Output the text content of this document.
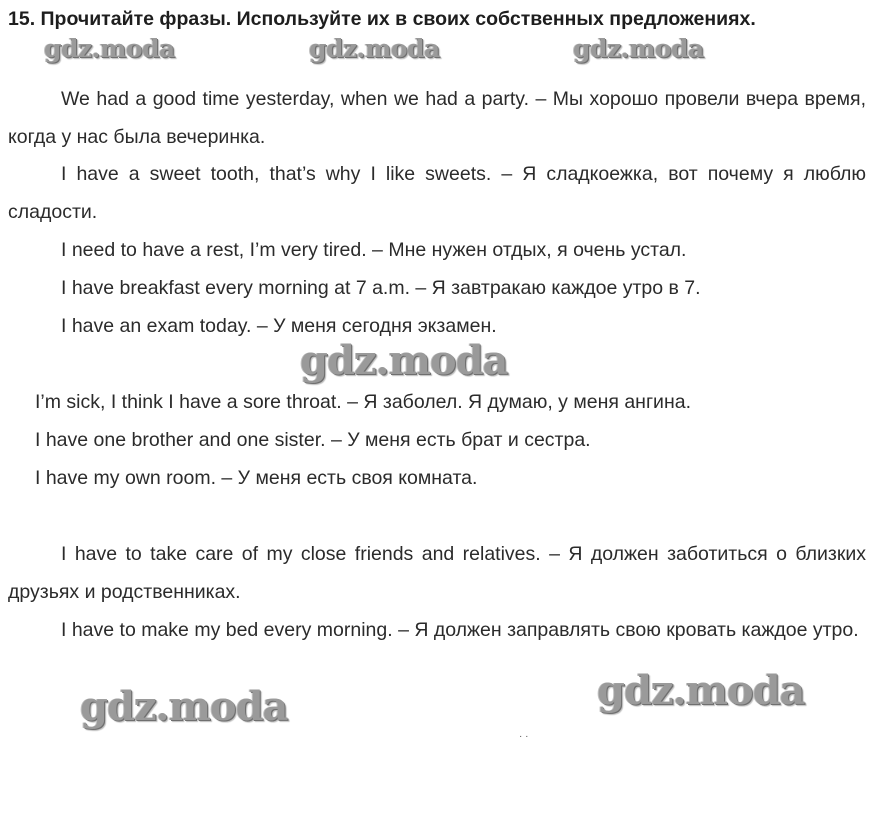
15. Прочитайте фразы. Используйте их в своих собственных предложениях.
gdz.moda	gdz.moda	gdz.moda
We had a good time yesterday, when we had a party. – Мы хорошо провели вчера время, когда у нас была вечеринка.
I have a sweet tooth, that’s why I like sweets. – Я сладкоежка, вот почему я люблю сладости.
I need to have a rest, I’m very tired. – Мне нужен отдых, я очень устал.
I have breakfast every morning at 7 a.m. – Я завтракаю каждое утро в 7.
I have an exam today. – У меня сегодня экзамен.
gdz.moda
I’m sick, I think I have a sore throat. – Я заболел. Я думаю, у меня ангина.
I have one brother and one sister. – У меня есть брат и сестра.
I have my own room. – У меня есть своя комната.
I have to take care of my close friends and relatives. – Я должен заботиться о близких друзьях и родственниках.
I have to make my bed every morning. – Я должен заправлять свою кровать каждое утро.
gdz.moda	gdz.moda
· ·
